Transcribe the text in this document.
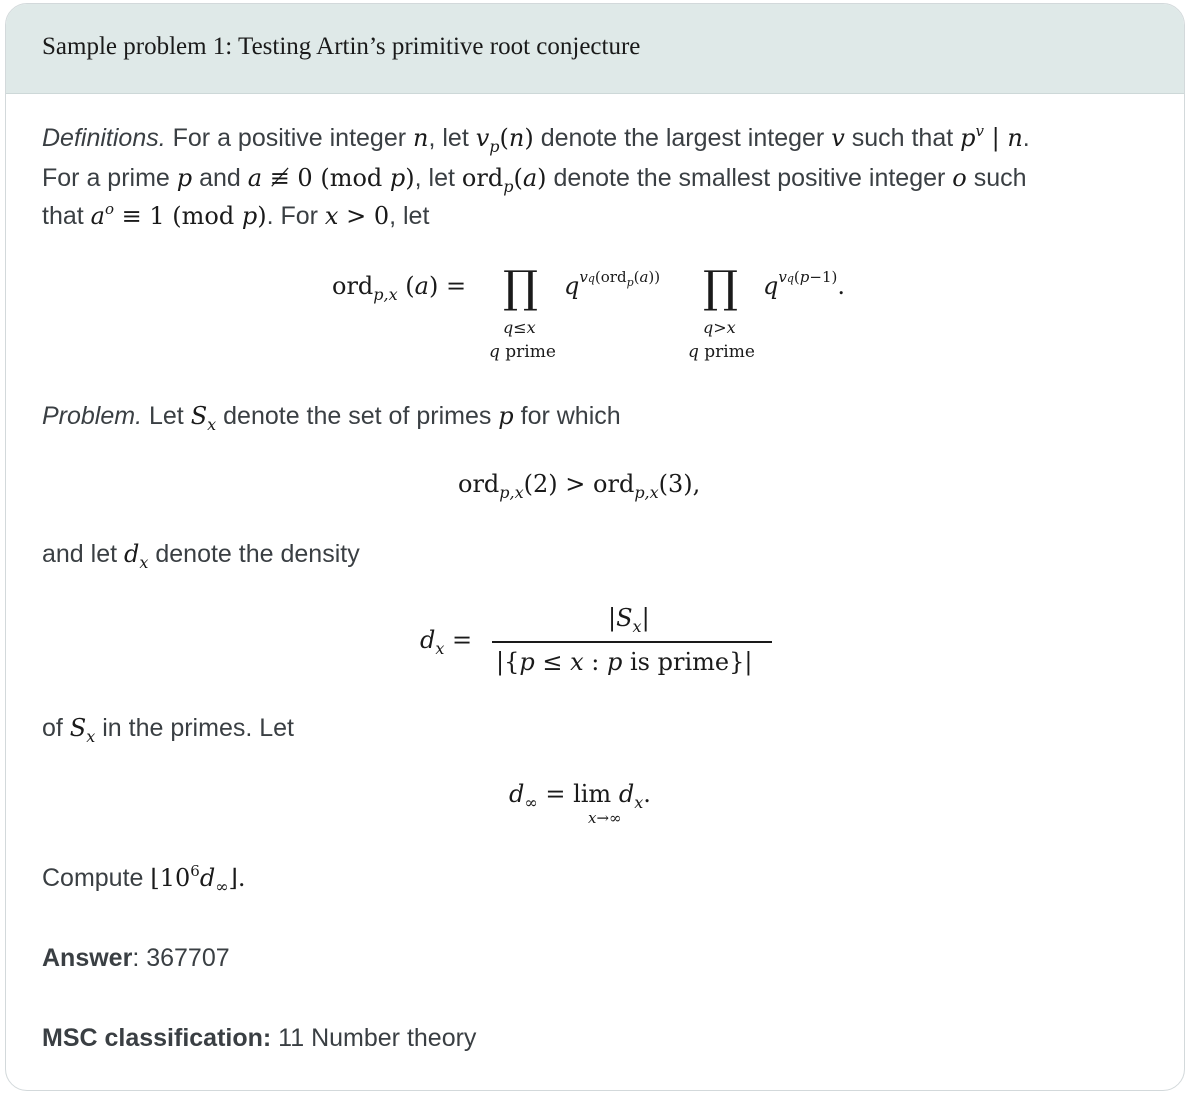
Sample problem 1: Testing Artin’s primitive root conjecture
Definitions. For a positive integer n, let $v_p(n)$ denote the largest integer v such that $p^v$ | n.
For a prime p and a ≢ 0 (mod p), let ord$_p$(a) denote the smallest positive integer o such
that $a^o \equiv 1$ (mod p). For x > 0, let
ord$_{p,x}$ (a) = ∏ qvq(ord$^p$(a))
q≤x
q prime
∏ qvq(p−1).
q>x
q prime
Problem. Let $S_x$ denote the set of primes p for which
ord$_{p,x}$(2) > ord$_{p,x}$(3),
and let $d_x$ denote the density
$d_x$ =
$|S_x|$
|{p ≤ x : p is prime}|
of $S_x$ in the primes. Let
$d_\infty = \lim d_x$.
x→∞
Compute $⌊10^6d_\infty⌋$.
Answer: 367707
MSC classification: 11 Number theory
